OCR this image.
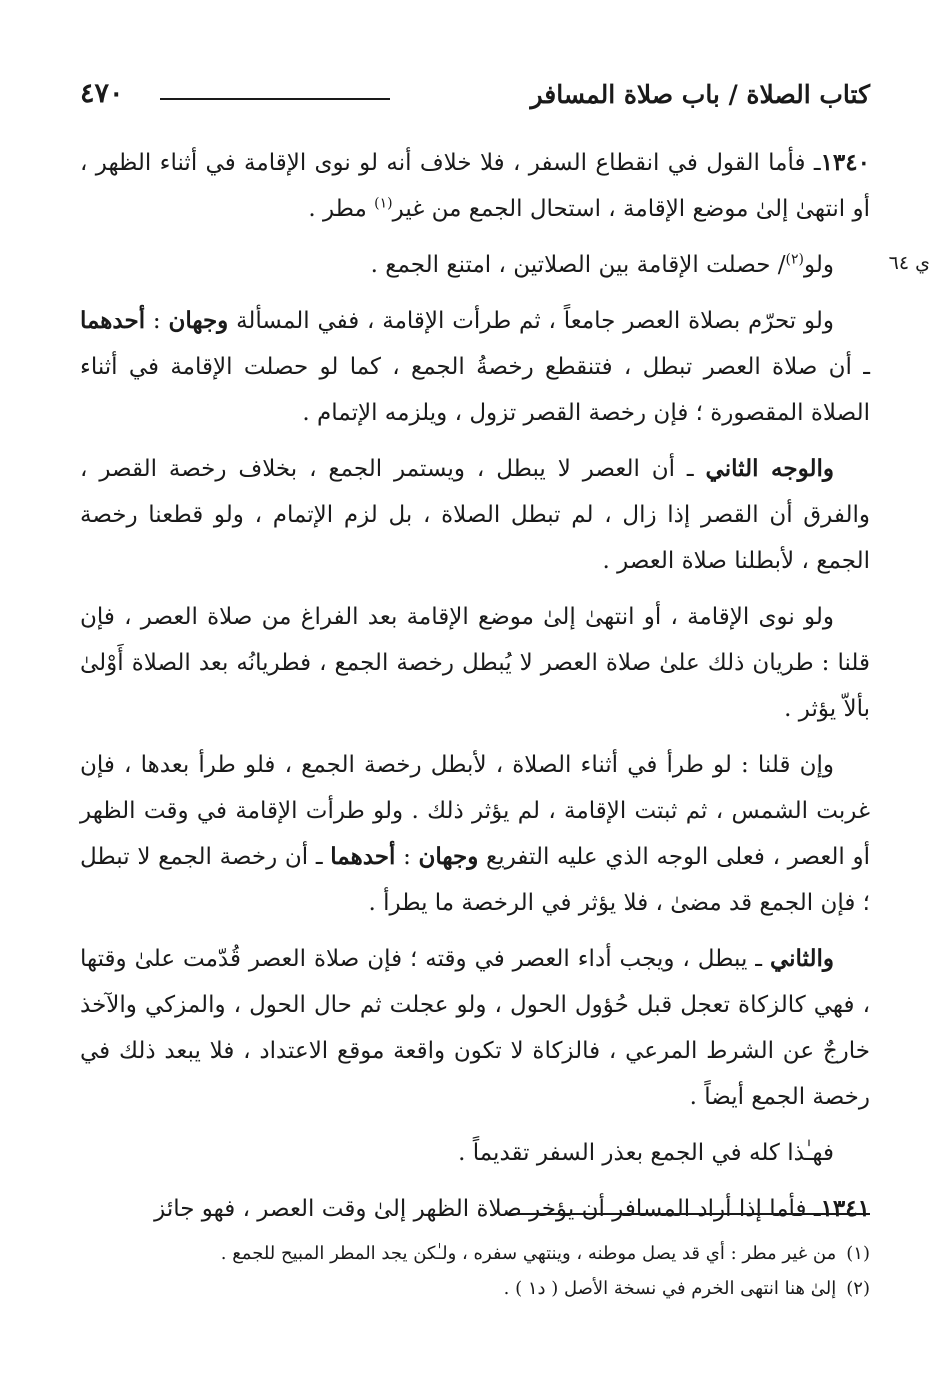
كتاب الصلاة / باب صلاة المسافر
٤٧٠
ي ٦٤

١٣٤٠ـ فأما القول في انقطاع السفر ، فلا خلاف أنه لو نوى الإقامة في أثناء الظهر ، أو انتهىٰ إلىٰ موضع الإقامة ، استحال الجمع من غير$^{(١)}$ مطر .

ولو$^{(٢)}$/ حصلت الإقامة بين الصلاتين ، امتنع الجمع .

ولو تحرّم بصلاة العصر جامعاً ، ثم طرأت الإقامة ، ففي المسألة وجهان : أحدهما ـ أن صلاة العصر تبطل ، فتنقطع رخصةُ الجمع ، كما لو حصلت الإقامة في أثناء الصلاة المقصورة ؛ فإن رخصة القصر تزول ، ويلزمه الإتمام .

والوجه الثاني ـ أن العصر لا يبطل ، ويستمر الجمع ، بخلاف رخصة القصر ، والفرق أن القصر إذا زال ، لم تبطل الصلاة ، بل لزم الإتمام ، ولو قطعنا رخصة الجمع ، لأبطلنا صلاة العصر .

ولو نوى الإقامة ، أو انتهىٰ إلىٰ موضع الإقامة بعد الفراغ من صلاة العصر ، فإن قلنا : طريان ذلك علىٰ صلاة العصر لا يُبطل رخصة الجمع ، فطريانُه بعد الصلاة أَوْلىٰ بألاّ يؤثر .

وإن قلنا : لو طرأ في أثناء الصلاة ، لأبطل رخصة الجمع ، فلو طرأ بعدها ، فإن غربت الشمس ، ثم ثبتت الإقامة ، لم يؤثر ذلك . ولو طرأت الإقامة في وقت الظهر أو العصر ، فعلى الوجه الذي عليه التفريع وجهان : أحدهما ـ أن رخصة الجمع لا تبطل ؛ فإن الجمع قد مضىٰ ، فلا يؤثر في الرخصة ما يطرأ .

والثاني ـ يبطل ، ويجب أداء العصر في وقته ؛ فإن صلاة العصر قُدّمت علىٰ وقتها ، فهي كالزكاة تعجل قبل حُؤول الحول ، ولو عجلت ثم حال الحول ، والمزكي والآخذ خارجٌ عن الشرط المرعي ، فالزكاة لا تكون واقعة موقع الاعتداد ، فلا يبعد ذلك في رخصة الجمع أيضاً .

فهـٰذا كله في الجمع بعذر السفر تقديماً .

١٣٤١ـ فأما إذا أراد المسافر أن يؤخر صلاة الظهر إلىٰ وقت العصر ، فهو جائز

(١)
من غير مطر : أي قد يصل موطنه ، وينتهي سفره ، ولـٰكن يجد المطر المبيح للجمع .
(٢)
إلىٰ هنا انتهى الخرم في نسخة الأصل ( د١ ) .
